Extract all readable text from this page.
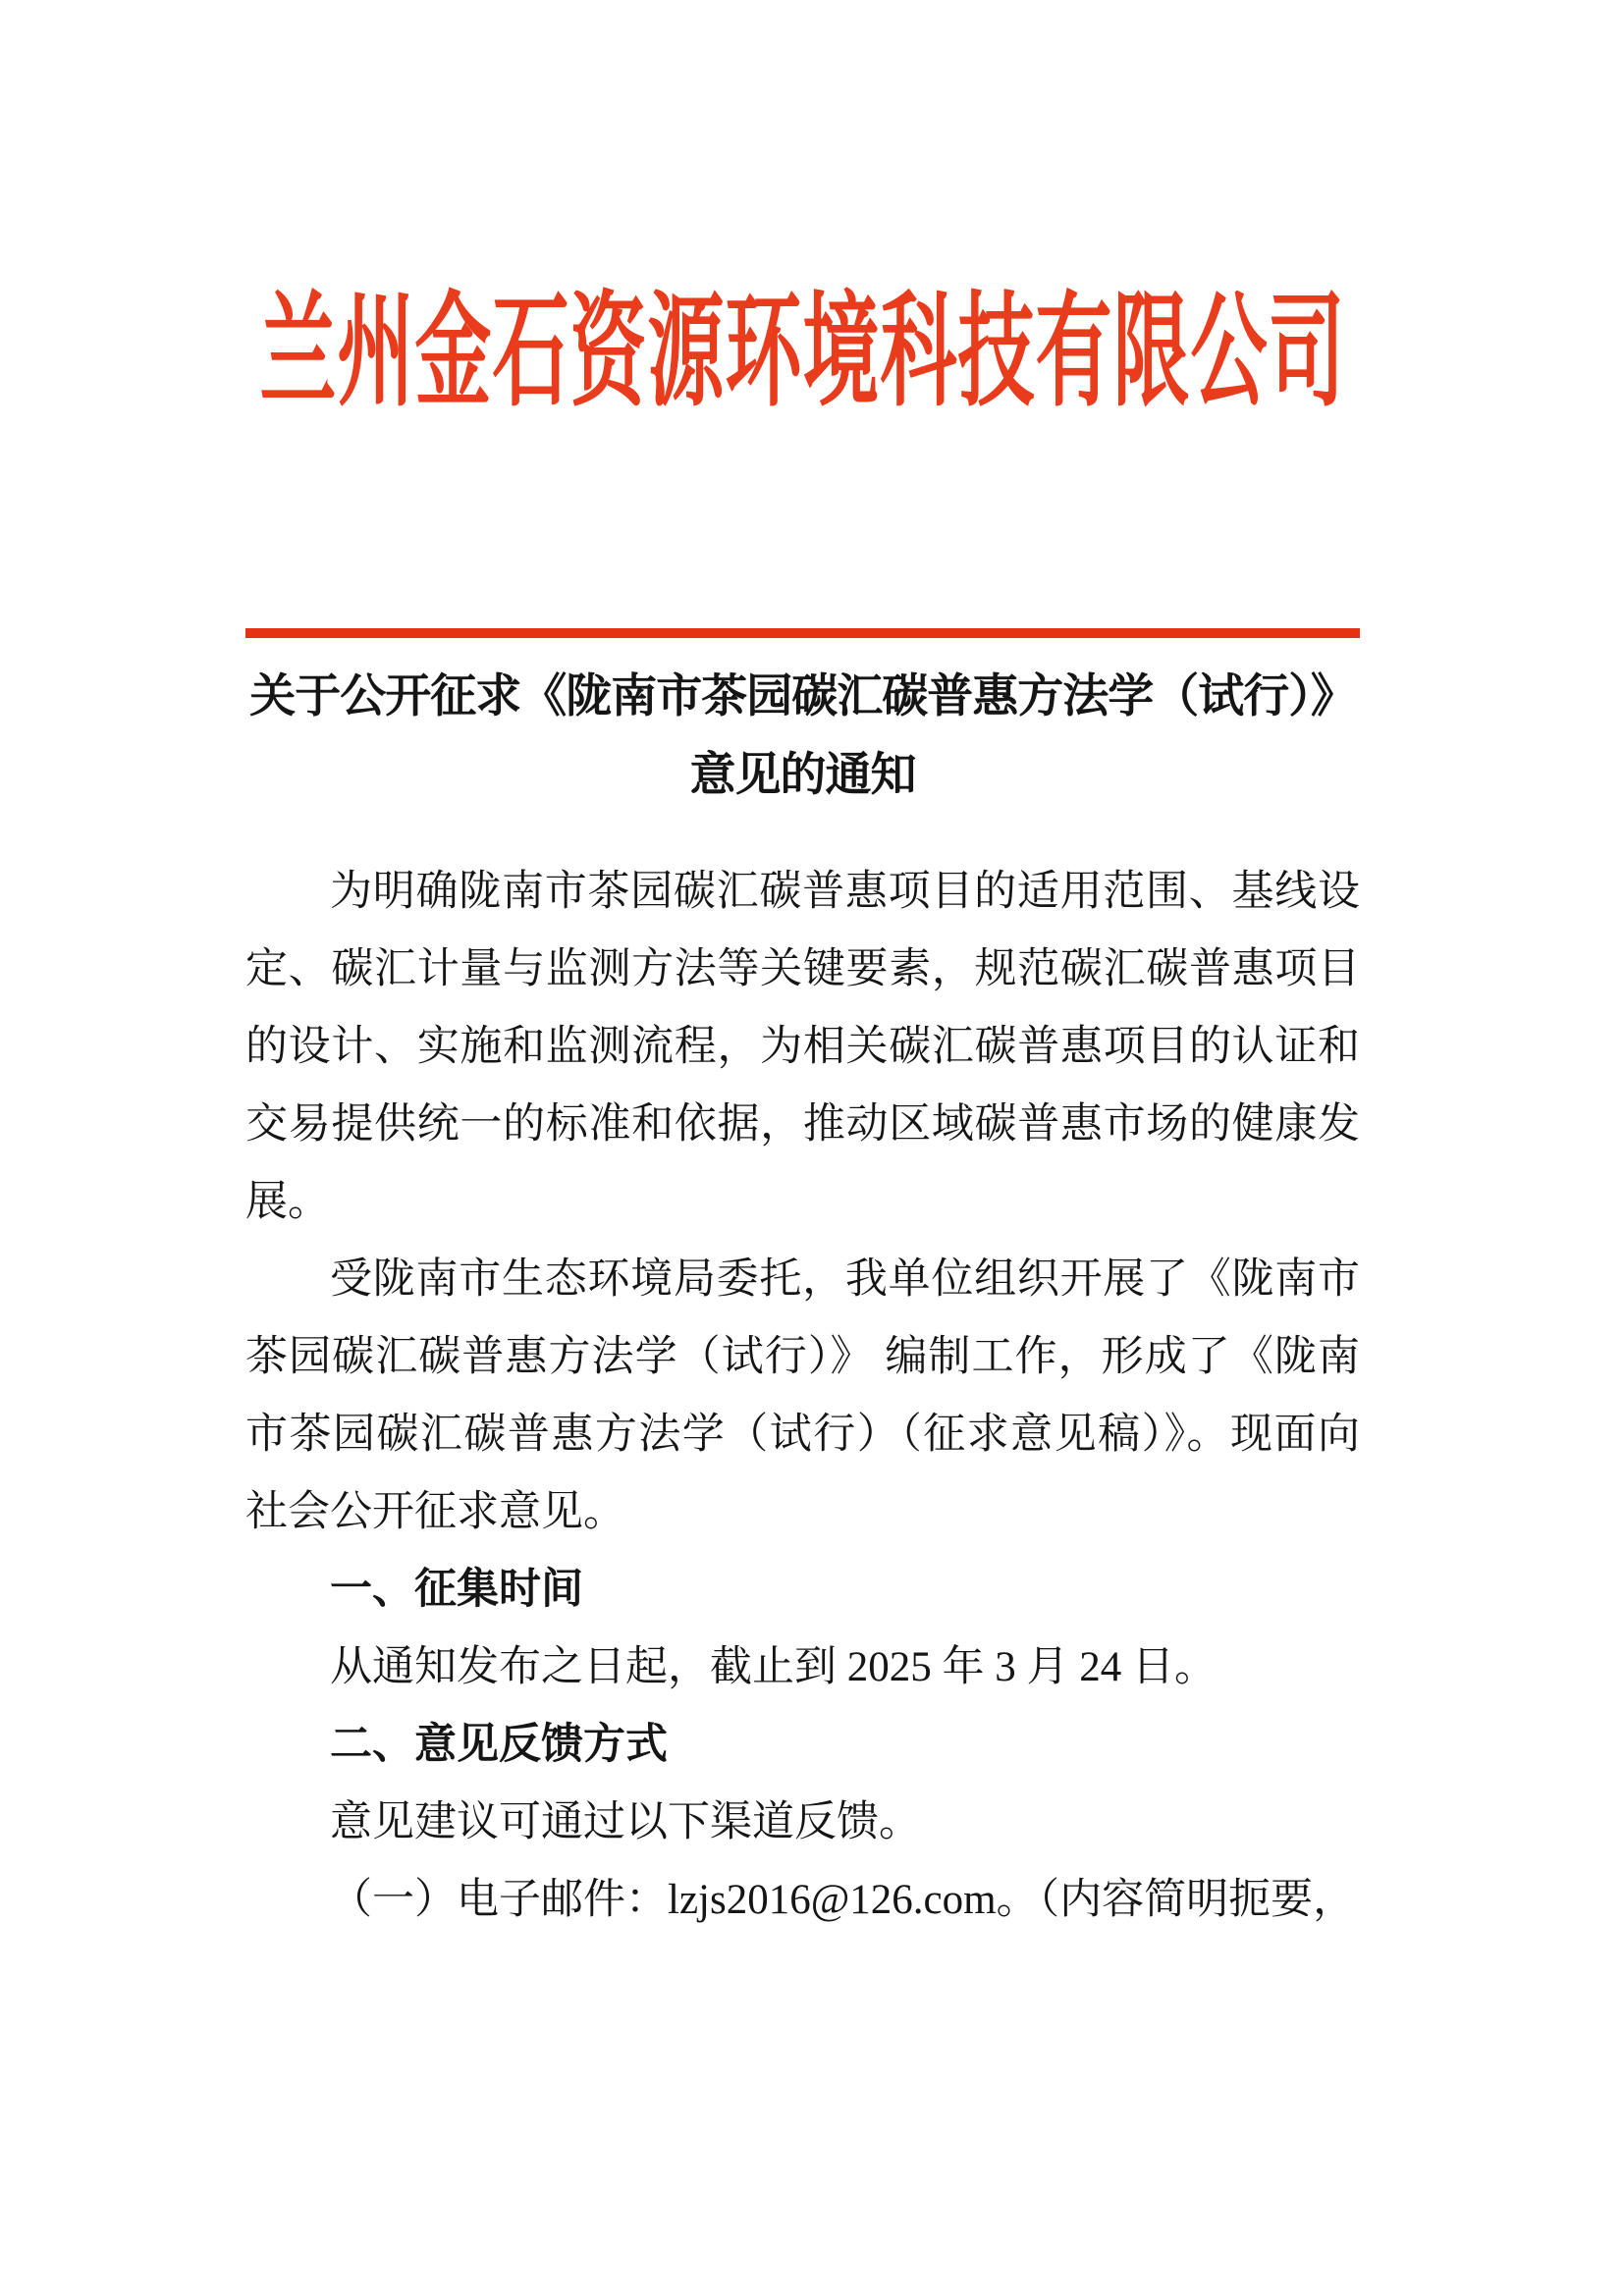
兰州金石资源环境科技有限公司
关于公开征求《陇南市茶园碳汇碳普惠方法学（试行）》
意见的通知

为明确陇南市茶园碳汇碳普惠项目的适用范围、基线设定、碳汇计量与监测方法等关键要素，规范碳汇碳普惠项目的设计、实施和监测流程，为相关碳汇碳普惠项目的认证和交易提供统一的标准和依据，推动区域碳普惠市场的健康发展。

受陇南市生态环境局委托，我单位组织开展了《陇南市茶园碳汇碳普惠方法学（试行）》 编制工作，形成了《陇南市茶园碳汇碳普惠方法学（试行）（征求意见稿）》。现面向社会公开征求意见。

一、征集时间

从通知发布之日起，截止到 2025 年 3 月 24 日。

二、意见反馈方式

意见建议可通过以下渠道反馈。

（一）电子邮件：lzjs2016@126.com。（内容简明扼要，
